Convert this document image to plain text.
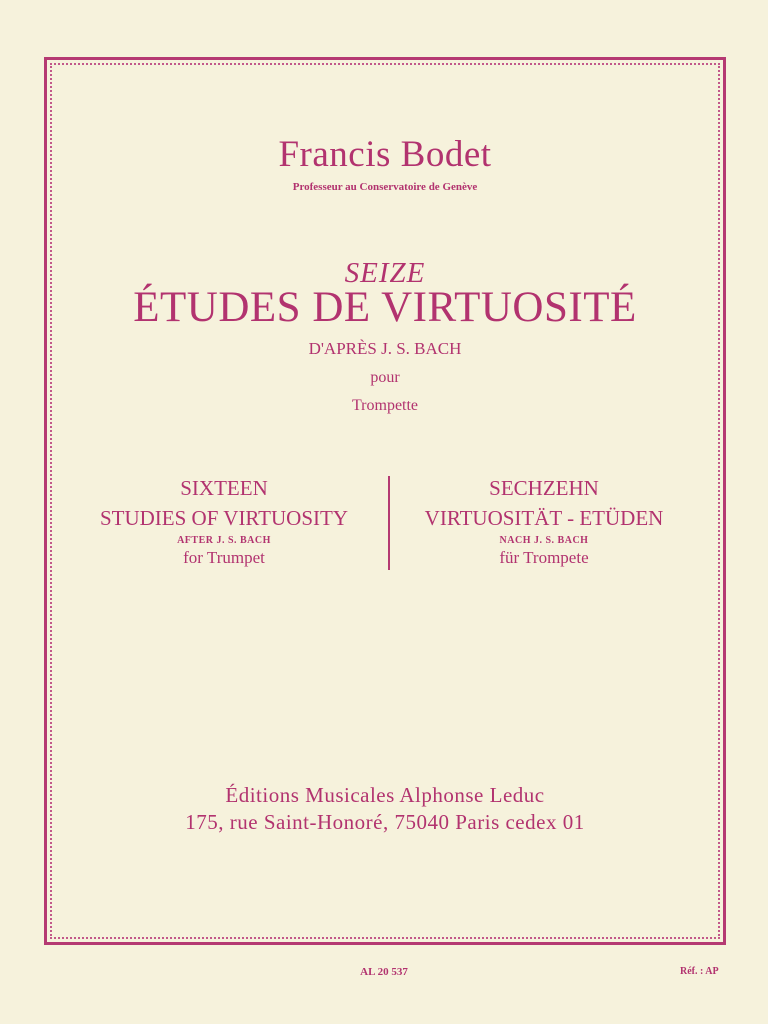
Francis Bodet
Professeur au Conservatoire de Genève
SEIZE
ÉTUDES DE VIRTUOSITÉ
D'APRÈS J. S. BACH
pour
Trompette
SIXTEEN
STUDIES OF VIRTUOSITY
AFTER J. S. BACH
for Trumpet
SECHZEHN
VIRTUOSITÄT - ETÜDEN
NACH J. S. BACH
für Trompete
Éditions Musicales Alphonse Leduc
175, rue Saint-Honoré, 75040 Paris cedex 01
AL 20 537	Réf. : AP
